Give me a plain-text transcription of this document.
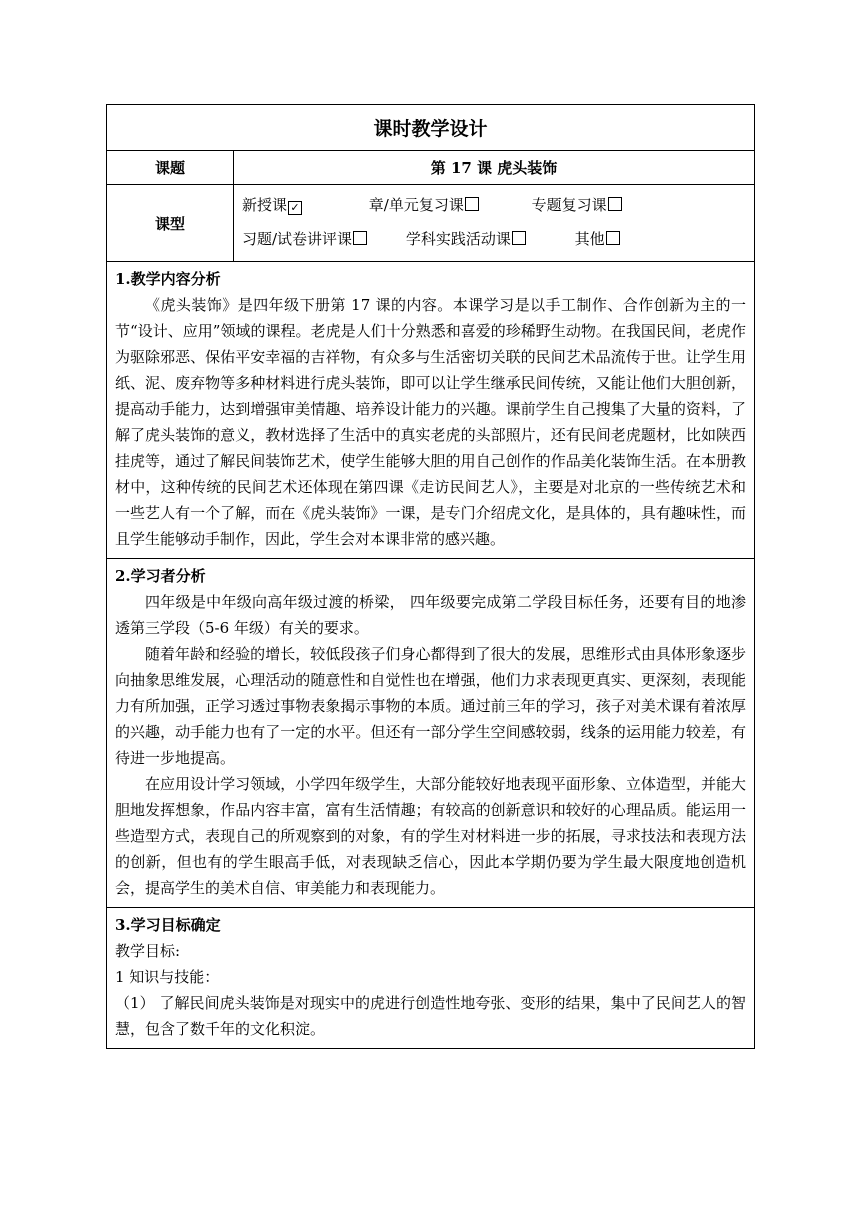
课时教学设计	
课题	第 17 课 虎头装饰
课型	新授课 ✓ 章/单元复习课 专题复习课
习题/试卷讲评课 学科实践活动课 其他

1.教学内容分析

《虎头装饰》是四年级下册第 17 课的内容。本课学习是以手工制作、合作创新为主的一节“设计、应用”领域的课程。老虎是人们十分熟悉和喜爱的珍稀野生动物。在我国民间，老虎作为驱除邪恶、保佑平安幸福的吉祥物，有众多与生活密切关联的民间艺术品流传于世。让学生用纸、泥、废弃物等多种材料进行虎头装饰，即可以让学生继承民间传统，又能让他们大胆创新，提高动手能力，达到增强审美情趣、培养设计能力的兴趣。课前学生自己搜集了大量的资料，了解了虎头装饰的意义，教材选择了生活中的真实老虎的头部照片，还有民间老虎题材，比如陕西挂虎等，通过了解民间装饰艺术，使学生能够大胆的用自己创作的作品美化装饰生活。在本册教材中，这种传统的民间艺术还体现在第四课《走访民间艺人》，主要是对北京的一些传统艺术和一些艺人有一个了解，而在《虎头装饰》一课，是专门介绍虎文化，是具体的，具有趣味性，而且学生能够动手制作，因此，学生会对本课非常的感兴趣。	

2.学习者分析

四年级是中年级向高年级过渡的桥梁， 四年级要完成第二学段目标任务，还要有目的地渗透第三学段（5-6 年级）有关的要求。

随着年龄和经验的增长，较低段孩子们身心都得到了很大的发展，思维形式由具体形象逐步向抽象思维发展，心理活动的随意性和自觉性也在增强，他们力求表现更真实、更深刻，表现能力有所加强，正学习透过事物表象揭示事物的本质。通过前三年的学习，孩子对美术课有着浓厚的兴趣，动手能力也有了一定的水平。但还有一部分学生空间感较弱，线条的运用能力较差，有待进一步地提高。

在应用设计学习领域，小学四年级学生，大部分能较好地表现平面形象、立体造型，并能大胆地发挥想象，作品内容丰富，富有生活情趣；有较高的创新意识和较好的心理品质。能运用一些造型方式，表现自己的所观察到的对象，有的学生对材料进一步的拓展，寻求技法和表现方法的创新，但也有的学生眼高手低，对表现缺乏信心，因此本学期仍要为学生最大限度地创造机会，提高学生的美术自信、审美能力和表现能力。	

3.学习目标确定

教学目标:

1 知识与技能：

（1） 了解民间虎头装饰是对现实中的虎进行创造性地夸张、变形的结果，集中了民间艺人的智慧，包含了数千年的文化积淀。	
